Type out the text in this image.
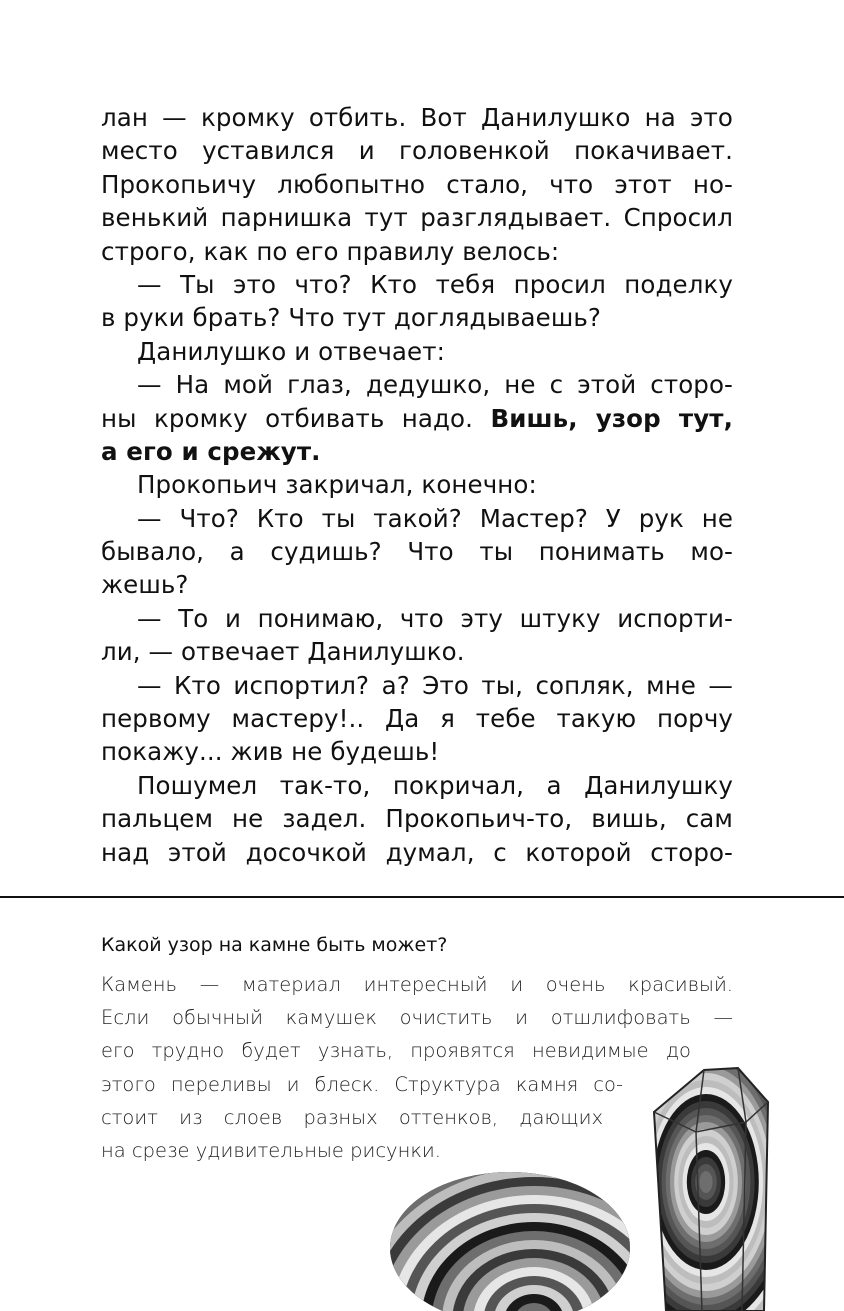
лан — кромку отбить. Вот Данилушко на это
место уставился и головенкой покачивает.
Прокопьичу любопытно стало, что этот но-
венький парнишка тут разглядывает. Спросил
строго, как по его правилу велось:
— Ты это что? Кто тебя просил поделку
в руки брать? Что тут доглядываешь?
Данилушко и отвечает:
— На мой глаз, дедушко, не с этой сторо-
ны кромку отбивать надо. Вишь, узор тут,
а его и срежут.
Прокопьич закричал, конечно:
— Что? Кто ты такой? Мастер? У рук не
бывало, а судишь? Что ты понимать мо-
жешь?
— То и понимаю, что эту штуку испорти-
ли, — отвечает Данилушко.
— Кто испортил? а? Это ты, сопляк, мне —
первому мастеру!.. Да я тебе такую порчу
покажу... жив не будешь!
Пошумел так-то, покричал, а Данилушку
пальцем не задел. Прокопьич-то, вишь, сам
над этой досочкой думал, с которой сторо-
Какой узор на камне быть может?
Камень — материал интересный и очень красивый.
Если обычный камушек очистить и отшлифовать —
его трудно будет узнать, проявятся невидимые до
этого переливы и блеск. Структура камня со-
стоит из слоев разных оттенков, дающих
на срезе удивительные рисунки.
